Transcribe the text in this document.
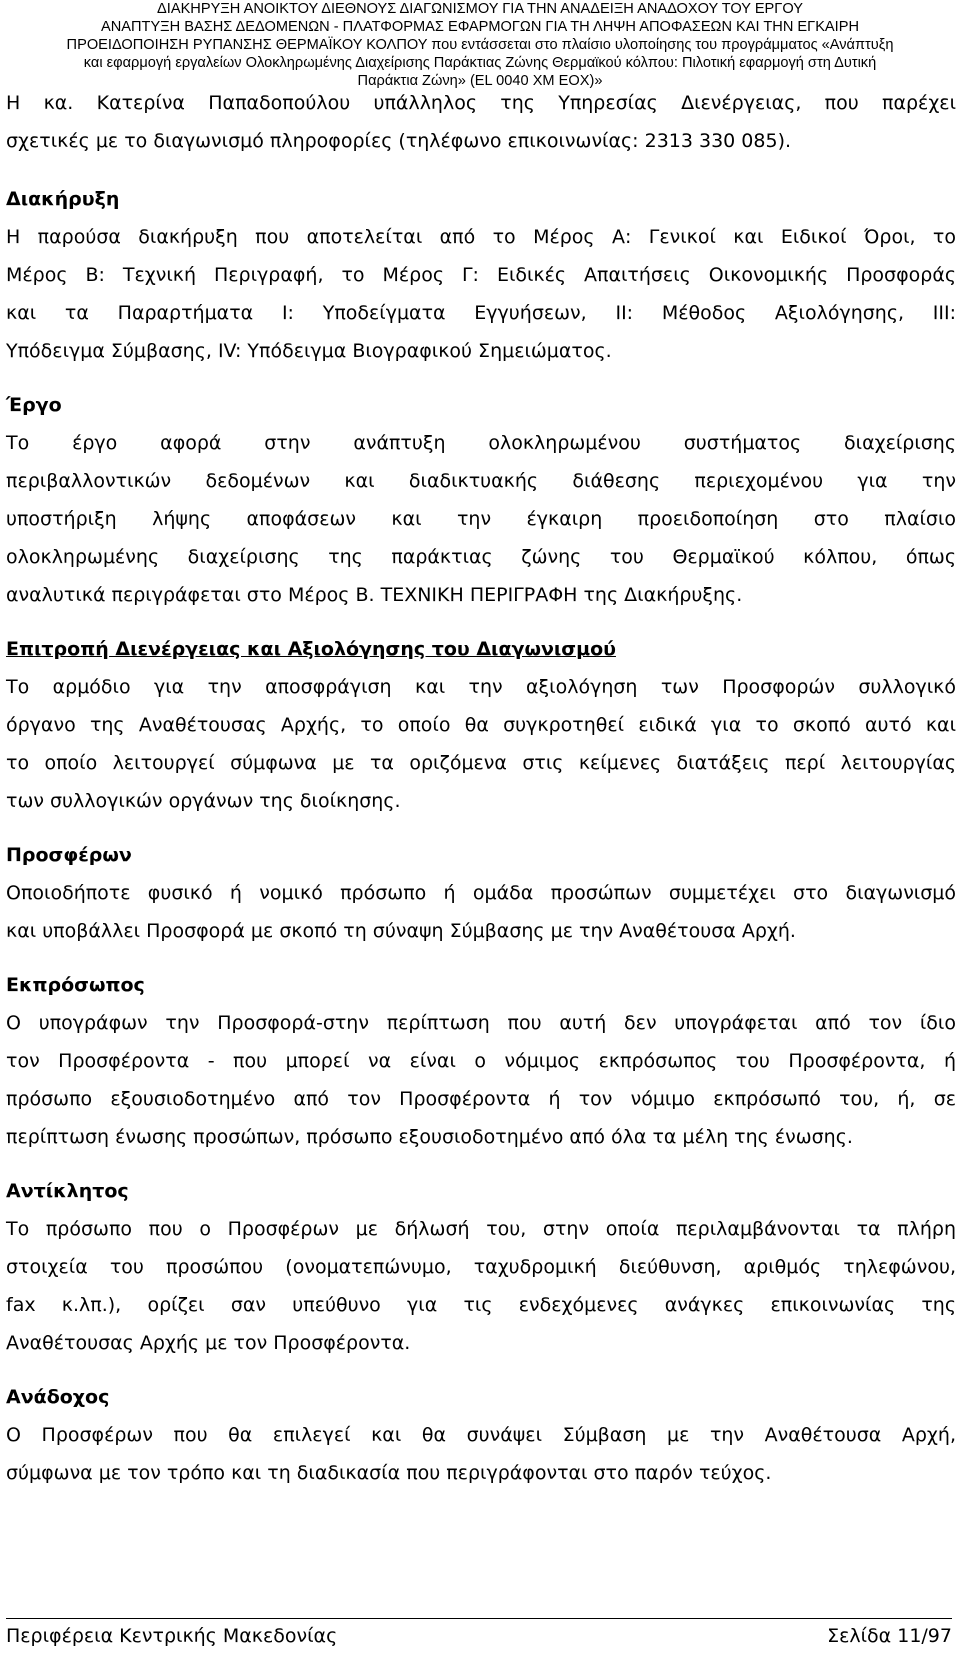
ΔΙΑΚΗΡΥΞΗ ΑΝΟΙΚΤΟΥ ΔΙΕΘΝΟΥΣ ΔΙΑΓΩΝΙΣΜΟΥ ΓΙΑ ΤΗΝ ΑΝΑΔΕΙΞΗ ΑΝΑΔΟΧΟΥ ΤΟΥ ΕΡΓΟΥ
ΑΝΑΠΤΥΞΗ ΒΑΣΗΣ ΔΕΔΟΜΕΝΩΝ - ΠΛΑΤΦΟΡΜΑΣ ΕΦΑΡΜΟΓΩΝ ΓΙΑ ΤΗ ΛΗΨΗ ΑΠΟΦΑΣΕΩΝ ΚΑΙ ΤΗΝ ΕΓΚΑΙΡΗ
ΠΡΟΕΙΔΟΠΟΙΗΣΗ ΡΥΠΑΝΣΗΣ ΘΕΡΜΑΪΚΟΥ ΚΟΛΠΟΥ που εντάσσεται στο πλαίσιο υλοποίησης του προγράμματος «Ανάπτυξη
και εφαρμογή εργαλείων Ολοκληρωμένης Διαχείρισης Παράκτιας Ζώνης Θερμαϊκού κόλπου: Πιλοτική εφαρμογή στη Δυτική
Παράκτια Ζώνη» (EL 0040 XM EOX)»

Η κα. Κατερίνα Παπαδοπούλου υπάλληλος της Υπηρεσίας Διενέργειας, που παρέχει
σχετικές με το διαγωνισμό πληροφορίες (τηλέφωνο επικοινωνίας: 2313 330 085).

Διακήρυξη

Η παρούσα διακήρυξη που αποτελείται από το Μέρος Α: Γενικοί και Ειδικοί Όροι, το
Μέρος Β: Τεχνική Περιγραφή, το Μέρος Γ: Ειδικές Απαιτήσεις Οικονομικής Προσφοράς
και τα Παραρτήματα Ι: Υποδείγματα Εγγυήσεων, ΙΙ: Μέθοδος Αξιολόγησης, ΙΙΙ:
Υπόδειγμα Σύμβασης, ΙV: Υπόδειγμα Βιογραφικού Σημειώματος.

Έργο

Το έργο αφορά στην ανάπτυξη ολοκληρωμένου συστήματος διαχείρισης
περιβαλλοντικών δεδομένων και διαδικτυακής διάθεσης περιεχομένου για την
υποστήριξη λήψης αποφάσεων και την έγκαιρη προειδοποίηση στο πλαίσιο
ολοκληρωμένης διαχείρισης της παράκτιας ζώνης του Θερμαϊκού κόλπου, όπως
αναλυτικά περιγράφεται στο Μέρος Β. ΤΕΧΝΙΚΗ ΠΕΡΙΓΡΑΦΗ της Διακήρυξης.

Επιτροπή Διενέργειας και Αξιολόγησης του Διαγωνισμού

Το αρμόδιο για την αποσφράγιση και την αξιολόγηση των Προσφορών συλλογικό
όργανο της Αναθέτουσας Αρχής, το οποίο θα συγκροτηθεί ειδικά για το σκοπό αυτό και
το οποίο λειτουργεί σύμφωνα με τα οριζόμενα στις κείμενες διατάξεις περί λειτουργίας
των συλλογικών οργάνων της διοίκησης.

Προσφέρων

Οποιοδήποτε φυσικό ή νομικό πρόσωπο ή ομάδα προσώπων συμμετέχει στο διαγωνισμό
και υποβάλλει Προσφορά με σκοπό τη σύναψη Σύμβασης με την Αναθέτουσα Αρχή.

Εκπρόσωπος

Ο υπογράφων την Προσφορά-στην περίπτωση που αυτή δεν υπογράφεται από τον ίδιο
τον Προσφέροντα - που μπορεί να είναι ο νόμιμος εκπρόσωπος του Προσφέροντα, ή
πρόσωπο εξουσιοδοτημένο από τον Προσφέροντα ή τον νόμιμο εκπρόσωπό του, ή, σε
περίπτωση ένωσης προσώπων, πρόσωπο εξουσιοδοτημένο από όλα τα μέλη της ένωσης.

Αντίκλητος

Το πρόσωπο που ο Προσφέρων με δήλωσή του, στην οποία περιλαμβάνονται τα πλήρη
στοιχεία του προσώπου (ονοματεπώνυμο, ταχυδρομική διεύθυνση, αριθμός τηλεφώνου,
fax κ.λπ.), ορίζει σαν υπεύθυνο για τις ενδεχόμενες ανάγκες επικοινωνίας της
Αναθέτουσας Αρχής με τον Προσφέροντα.

Ανάδοχος

Ο Προσφέρων που θα επιλεγεί και θα συνάψει Σύμβαση με την Αναθέτουσα Αρχή,
σύμφωνα με τον τρόπο και τη διαδικασία που περιγράφονται στο παρόν τεύχος.

Περιφέρεια Κεντρικής Μακεδονίας	Σελίδα 11/97
